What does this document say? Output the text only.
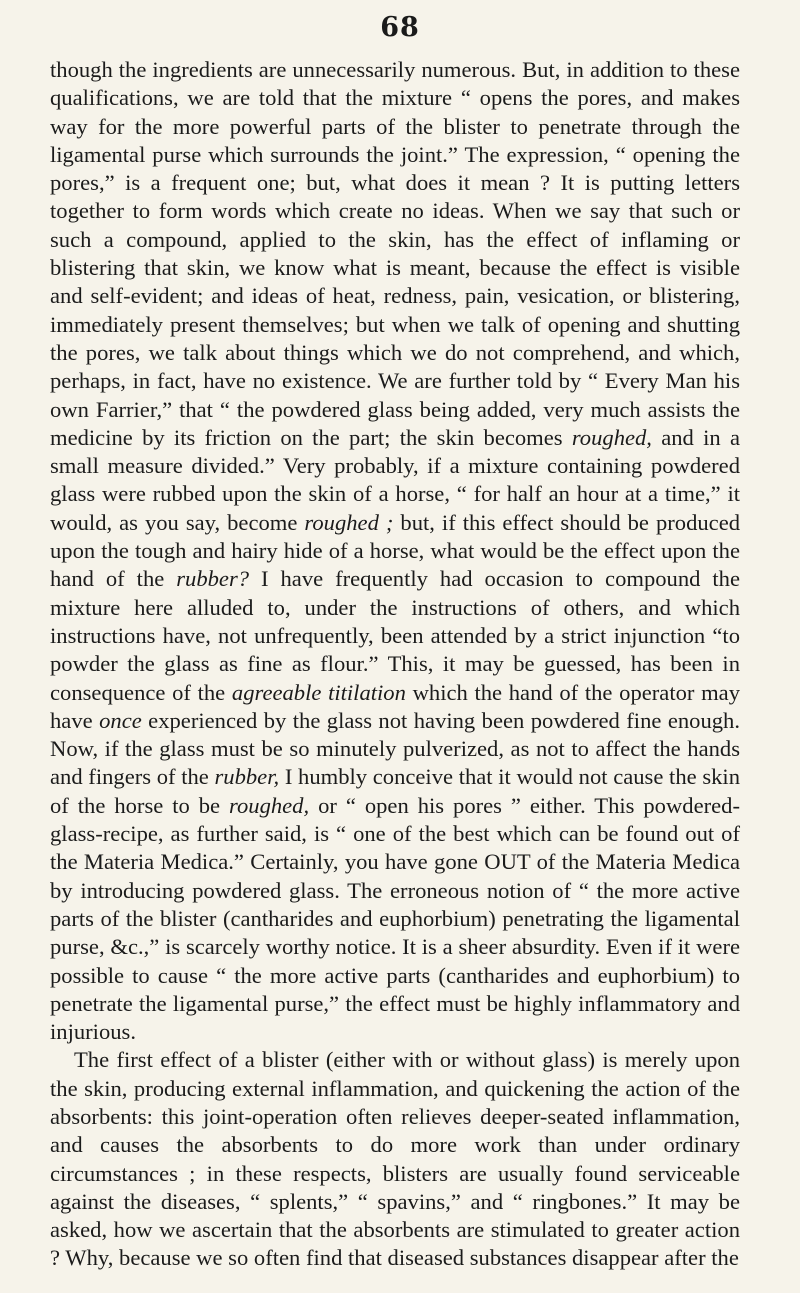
68

though the ingredients are unnecessarily numerous. But, in addition to these qualifications, we are told that the mixture “ opens the pores, and makes way for the more powerful parts of the blister to penetrate through the ligamental purse which surrounds the joint.” The expression, “ opening the pores,” is a frequent one; but, what does it mean ? It is putting letters together to form words which create no ideas. When we say that such or such a compound, applied to the skin, has the effect of inflaming or blistering that skin, we know what is meant, because the effect is visible and self-evident; and ideas of heat, redness, pain, vesication, or blistering, immediately present themselves; but when we talk of opening and shutting the pores, we talk about things which we do not comprehend, and which, perhaps, in fact, have no existence. We are further told by “ Every Man his own Farrier,” that “ the powdered glass being added, very much assists the medicine by its friction on the part; the skin becomes roughed, and in a small measure divided.” Very probably, if a mixture containing powdered glass were rubbed upon the skin of a horse, “ for half an hour at a time,” it would, as you say, become roughed ; but, if this effect should be produced upon the tough and hairy hide of a horse, what would be the effect upon the hand of the rubber? I have frequently had occasion to compound the mixture here alluded to, under the instructions of others, and which instructions have, not unfrequently, been attended by a strict injunction “to powder the glass as fine as flour.” This, it may be guessed, has been in consequence of the agreeable titilation which the hand of the operator may have once experienced by the glass not having been powdered fine enough. Now, if the glass must be so minutely pulverized, as not to affect the hands and fingers of the rubber, I humbly conceive that it would not cause the skin of the horse to be roughed, or “ open his pores ” either. This powdered-glass-recipe, as further said, is “ one of the best which can be found out of the Materia Medica.” Certainly, you have gone OUT of the Materia Medica by introducing powdered glass. The erroneous notion of “ the more active parts of the blister (cantharides and euphorbium) penetrating the ligamental purse, &c.,” is scarcely worthy notice. It is a sheer absurdity. Even if it were possible to cause “ the more active parts (cantharides and euphorbium) to penetrate the ligamental purse,” the effect must be highly inflammatory and injurious.

The first effect of a blister (either with or without glass) is merely upon the skin, producing external inflammation, and quickening the action of the absorbents: this joint-operation often relieves deeper-seated inflammation, and causes the absorbents to do more work than under ordinary circumstances ; in these respects, blisters are usually found serviceable against the diseases, “ splents,” “ spavins,” and “ ringbones.” It may be asked, how we ascertain that the absorbents are stimulated to greater action ? Why, because we so often find that diseased substances disappear after the
